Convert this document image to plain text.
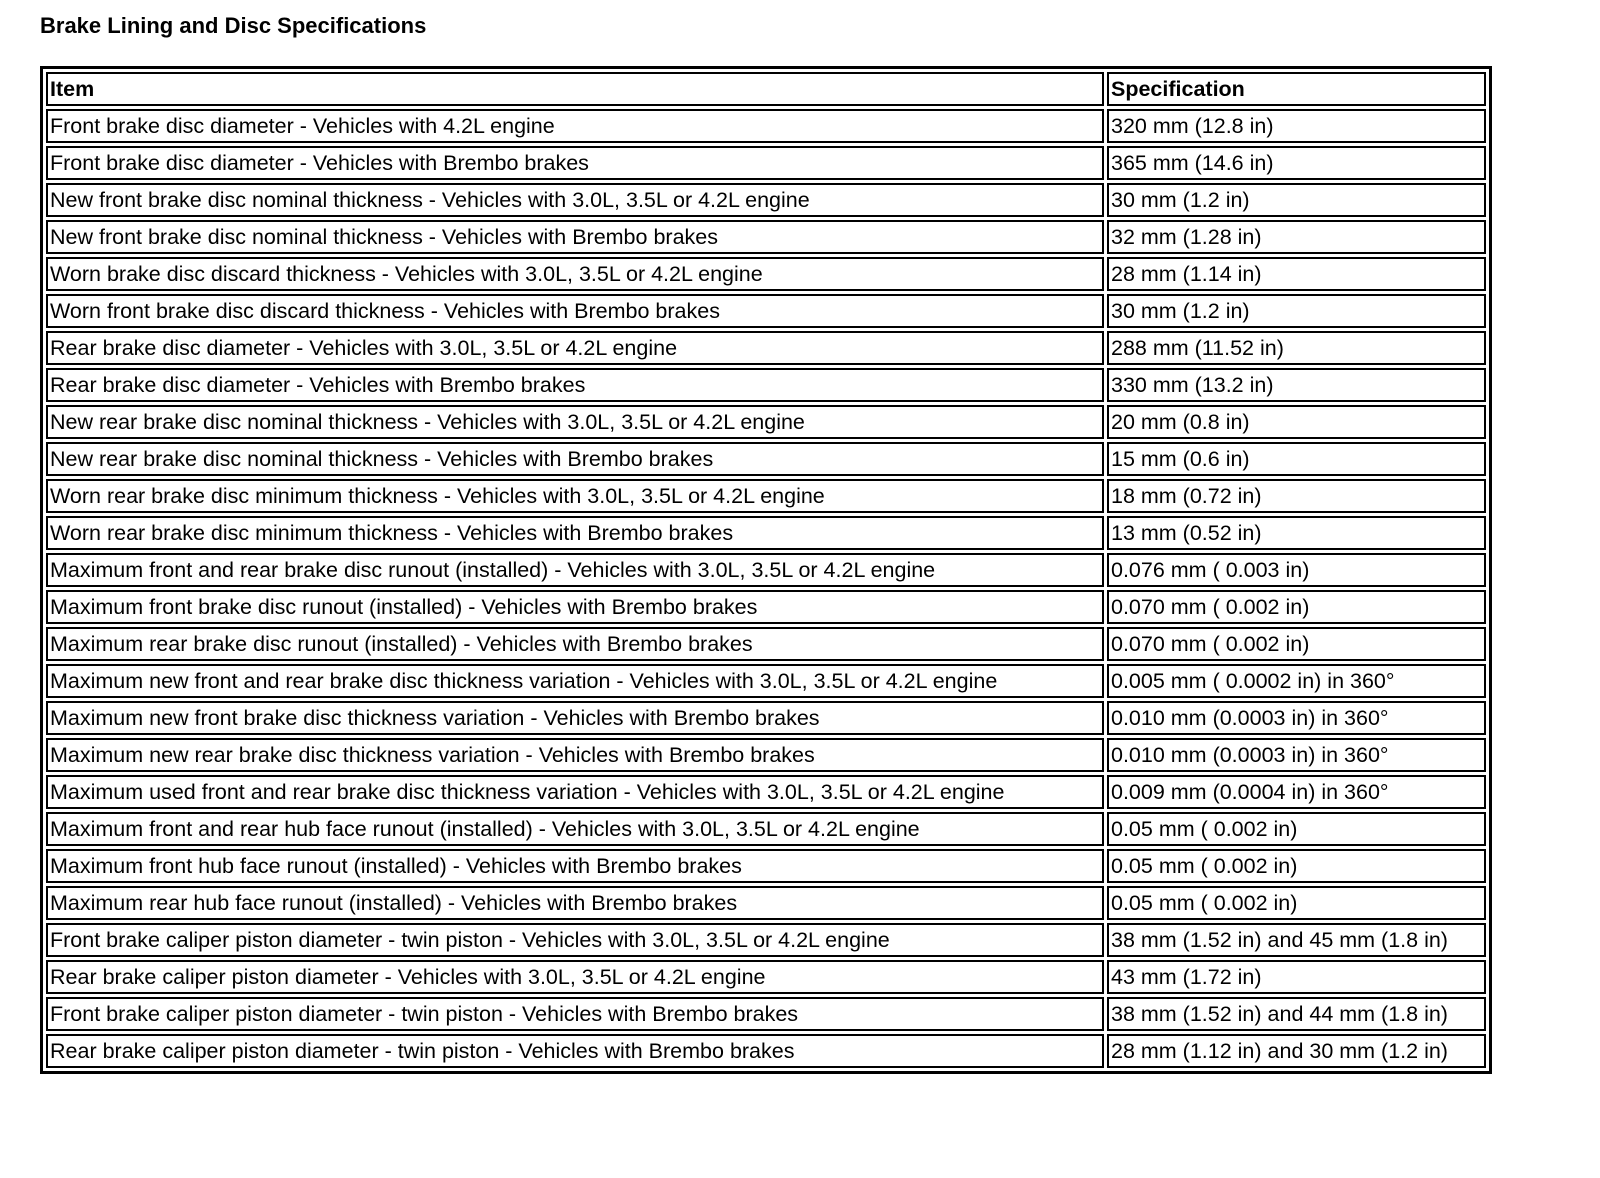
Brake Lining and Disc Specifications
Item	Specification
Front brake disc diameter - Vehicles with 4.2L engine	320 mm (12.8 in)
Front brake disc diameter - Vehicles with Brembo brakes	365 mm (14.6 in)
New front brake disc nominal thickness - Vehicles with 3.0L, 3.5L or 4.2L engine	30 mm (1.2 in)
New front brake disc nominal thickness - Vehicles with Brembo brakes	32 mm (1.28 in)
Worn brake disc discard thickness - Vehicles with 3.0L, 3.5L or 4.2L engine	28 mm (1.14 in)
Worn front brake disc discard thickness - Vehicles with Brembo brakes	30 mm (1.2 in)
Rear brake disc diameter - Vehicles with 3.0L, 3.5L or 4.2L engine	288 mm (11.52 in)
Rear brake disc diameter - Vehicles with Brembo brakes	330 mm (13.2 in)
New rear brake disc nominal thickness - Vehicles with 3.0L, 3.5L or 4.2L engine	20 mm (0.8 in)
New rear brake disc nominal thickness - Vehicles with Brembo brakes	15 mm (0.6 in)
Worn rear brake disc minimum thickness - Vehicles with 3.0L, 3.5L or 4.2L engine	18 mm (0.72 in)
Worn rear brake disc minimum thickness - Vehicles with Brembo brakes	13 mm (0.52 in)
Maximum front and rear brake disc runout (installed) - Vehicles with 3.0L, 3.5L or 4.2L engine	0.076 mm ( 0.003 in)
Maximum front brake disc runout (installed) - Vehicles with Brembo brakes	0.070 mm ( 0.002 in)
Maximum rear brake disc runout (installed) - Vehicles with Brembo brakes	0.070 mm ( 0.002 in)
Maximum new front and rear brake disc thickness variation - Vehicles with 3.0L, 3.5L or 4.2L engine	0.005 mm ( 0.0002 in) in 360°
Maximum new front brake disc thickness variation - Vehicles with Brembo brakes	0.010 mm (0.0003 in) in 360°
Maximum new rear brake disc thickness variation - Vehicles with Brembo brakes	0.010 mm (0.0003 in) in 360°
Maximum used front and rear brake disc thickness variation - Vehicles with 3.0L, 3.5L or 4.2L engine	0.009 mm (0.0004 in) in 360°
Maximum front and rear hub face runout (installed) - Vehicles with 3.0L, 3.5L or 4.2L engine	0.05 mm ( 0.002 in)
Maximum front hub face runout (installed) - Vehicles with Brembo brakes	0.05 mm ( 0.002 in)
Maximum rear hub face runout (installed) - Vehicles with Brembo brakes	0.05 mm ( 0.002 in)
Front brake caliper piston diameter - twin piston - Vehicles with 3.0L, 3.5L or 4.2L engine	38 mm (1.52 in) and 45 mm (1.8 in)
Rear brake caliper piston diameter - Vehicles with 3.0L, 3.5L or 4.2L engine	43 mm (1.72 in)
Front brake caliper piston diameter - twin piston - Vehicles with Brembo brakes	38 mm (1.52 in) and 44 mm (1.8 in)
Rear brake caliper piston diameter - twin piston - Vehicles with Brembo brakes	28 mm (1.12 in) and 30 mm (1.2 in)
